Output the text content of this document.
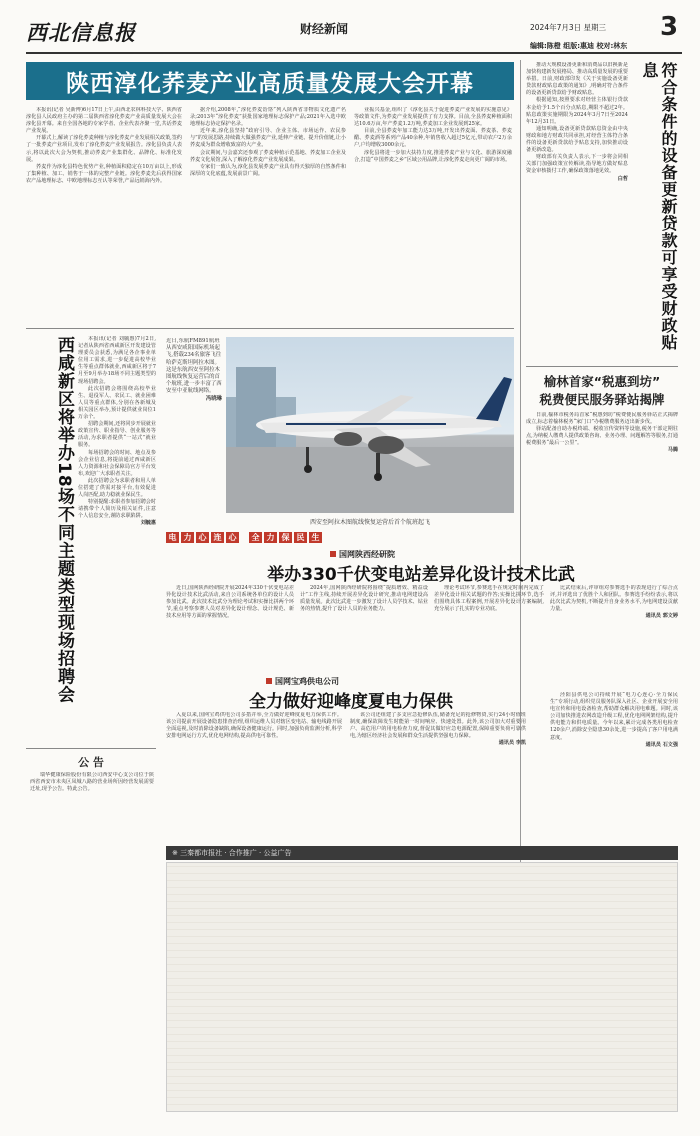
西北信息报	财经新闻	2024年7月3日 星期三 3
编辑:陈橙 组版:惠迪 校对:林东
陕西淳化荞麦产业高质量发展大会开幕

本报讯(记者 吴新博)6月17日上午,由西北农林科技大学、陕西省淳化县人民政府主办的第二届陕西省淳化荞麦产业高质量发展大会在淳化县开幕。来自全国各地的专家学者、企业代表齐聚一堂,共话荞麦产业发展。

开幕式上,解读了淳化荞麦种植与淳化荞麦产业发展相关政策,签约了一批荞麦产业项目,发布了淳化荞麦产业发展报告。淳化县负责人表示,将以此次大会为契机,推动荞麦产业集群化、品牌化、标准化发展。

荞麦作为淳化县特色优势产业,种植面积稳定在10万亩以上,形成了集种植、加工、销售于一体的完整产业链。淳化荞麦先后获得国家农产品地理标志、中欧地理标志互认等荣誉,产品远销海内外。

据介绍,2008年,“淳化荞麦饴饹”列入陕西省非物质文化遗产名录;2013年“淳化荞麦”获批国家地理标志保护产品;2021年入选中欧地理标志协定保护名录。

近年来,淳化县坚持“政府引导、企业主体、市场运作、农民参与”的发展思路,持续做大做强荞麦产业,延伸产业链、提升价值链,让小荞麦成为群众增收致富的大产业。

会议期间,与会嘉宾还参观了荞麦种植示范基地、荞麦加工企业及荞麦文化展馆,深入了解淳化荞麦产业发展成果。

专家们一致认为,淳化县发展荞麦产业具有得天独厚的自然条件和深厚的文化底蕴,发展前景广阔。

业振兴基金,组织了《淳化县关于促进荞麦产业发展的实施意见》等政策文件,为荞麦产业发展提供了有力支撑。目前,全县荞麦种植面积达10.6万亩,年产荞麦1.2万吨,荞麦加工企业发展到25家。

目前,全县荞麦年加工能力达3万吨,开发出荞麦面、荞麦茶、荞麦醋、荞麦酒等系列产品40余种,年销售收入超过5亿元,带动农户2万余户,户均增收3000余元。

淳化县将进一步加大扶持力度,推进荞麦产业与文化、旅游深度融合,打造“中国荞麦之乡”区域公用品牌,让淳化荞麦走向更广阔的市场。

西咸新区将举办18场不同主题类型现场招聘会	本报讯(记者 刘毓惠)7月2日,记者从陕西省西咸新区开发建设管理委员会获悉,为满足各企事业单位用工需求,进一步促进高校毕业生等重点群体就业,西咸新区将于7月至9月举办18场不同主题类型的现场招聘会。

此次招聘会将围绕高校毕业生、退役军人、农民工、就业困难人员等重点群体,分别在各新城及相关园区举办,预计提供就业岗位1万余个。

招聘会期间,还将同步开展就业政策宣传、职业指导、创业服务等活动,为求职者提供“一站式”就业服务。

每场招聘会的时间、地点及参会企业信息,将提前通过西咸新区人力资源和社会保障局官方平台发布,欢迎广大求职者关注。

此次招聘会为求职者和用人单位搭建了供需对接平台,有效促进人岗匹配,助力稳就业保民生。

特别提醒:求职者参加招聘会时请携带个人简历及相关证件,注意个人信息安全,谨防求职陷阱。

刘毓惠
公 告
瑞华健康保险股份有限公司西安中心支公司位于陕西省西安市未央区凤城八路的营业场所因经营发展需要迁址,现予公告。特此公告。
近日,东航FM891航班从西安咸阳国际机场起飞,搭载234名旅客飞往哈萨克斯坦阿拉木图。这是东航西安至阿拉木图航线恢复运营后的首个航班,进一步丰富了西安至中亚航线网络。
冯晓琳
西安至阿拉木图航线恢复运营后首个航班起飞
电 力 心 连 心	全 力 保 民 生
国网陕西经研院
举办330千伏变电站差异化设计技术比武

近日,国网陕西经研院开展2024年330千伏变电站差异化设计技术比武活动,来自公司系统各单位的设计人员参加比武。此次技术比武分为理论考试和实操比拼两个环节,重点考察参赛人员对差异化设计理念、设计规范、新技术应用等方面的掌握情况。

2024年,国网陕西经研院将围绕“提质增效、精益设计”工作主线,持续开展差异化设计研究,推动电网建设高质量发展。此次比武进一步激发了设计人员学技术、钻业务的热情,提升了设计人员的业务能力。

理论考试环节,参赛选手在规定时间内完成了差异化设计相关试题的作答;实操比拼环节,选手们围绕具体工程案例,开展差异化设计方案编制,充分展示了扎实的专业功底。

比武结束后,评审组对参赛选手的表现进行了综合点评,并评选出了优胜个人和团队。参赛选手纷纷表示,将以此次比武为契机,不断提升自身业务水平,为电网建设贡献力量。

通讯员 郭文婷
国网宝鸡供电公司
全力做好迎峰度夏电力保供

入夏以来,国网宝鸡供电公司多措并举,全力做好迎峰度夏电力保供工作。该公司提前开展设备隐患排查治理,组织运维人员对辖区变电站、输电线路开展全面巡视,及时消除设备缺陷,确保设备健康运行。同时,加强负荷监测分析,科学安排电网运行方式,优化电网结构,提高供电可靠性。

该公司还组建了多支应急抢修队伍,储备充足的抢修物资,实行24小时值班制度,确保故障发生时能第一时间响应、快速处置。此外,该公司加大对重要用户、高危用户的用电检查力度,督促其做好应急电源配置,保障重要负荷可靠供电,为辖区经济社会发展和群众生活提供坚强电力保障。

通讯员 李凯

泾阳县供电公司持续开展“电力心连心·全力保民生”专项行动,组织党员服务队深入社区、企业开展安全用电宣传和用电设备检查,帮助群众解决用电难题。同时,该公司加快推进农网改造升级工程,优化电网网架结构,提升供电能力和供电质量。今年以来,累计完成各类用电检查120余户,消除安全隐患30余处,进一步提高了客户用电满意度。

通讯员 石文强

推动大规模设备更新和消费品以旧换新是加快构建新发展格局、推动高质量发展的重要举措。日前,财政部印发《关于实施设备更新贷款财政贴息政策的通知》,明确对符合条件的设备更新贷款给予财政贴息。

根据通知,按照要求对经营主体银行贷款本金给予1.5个百分点贴息,期限不超过2年。贴息政策实施期限为2024年3月7日至2024年12月31日。

通知明确,设备更新贷款贴息资金由中央财政和地方财政共同承担,对经营主体符合条件的设备更新贷款给予贴息支持,加快推动设备更新改造。

财政部有关负责人表示,下一步将会同相关部门加强政策宣传解读,指导地方做好贴息资金审核拨付工作,确保政策落地见效。

白哲	符合条件的设备更新贷款可享受财政贴息
榆林首家“税惠到坊”
税费便民服务驿站揭牌

日前,榆林市税务局首家“税惠到坊”税费便民服务驿站正式揭牌成立,标志着榆林税务“家门口”办税缴费服务迈出新步伐。

驿站配备自助办税终端、税收宣传资料等设施,税务干部定期驻点,为纳税人缴费人提供政策咨询、业务办理、问题解答等服务,打通税费服务“最后一公里”。

马腾
※ 三秦都市报社 · 合作推广 · 公益广告
